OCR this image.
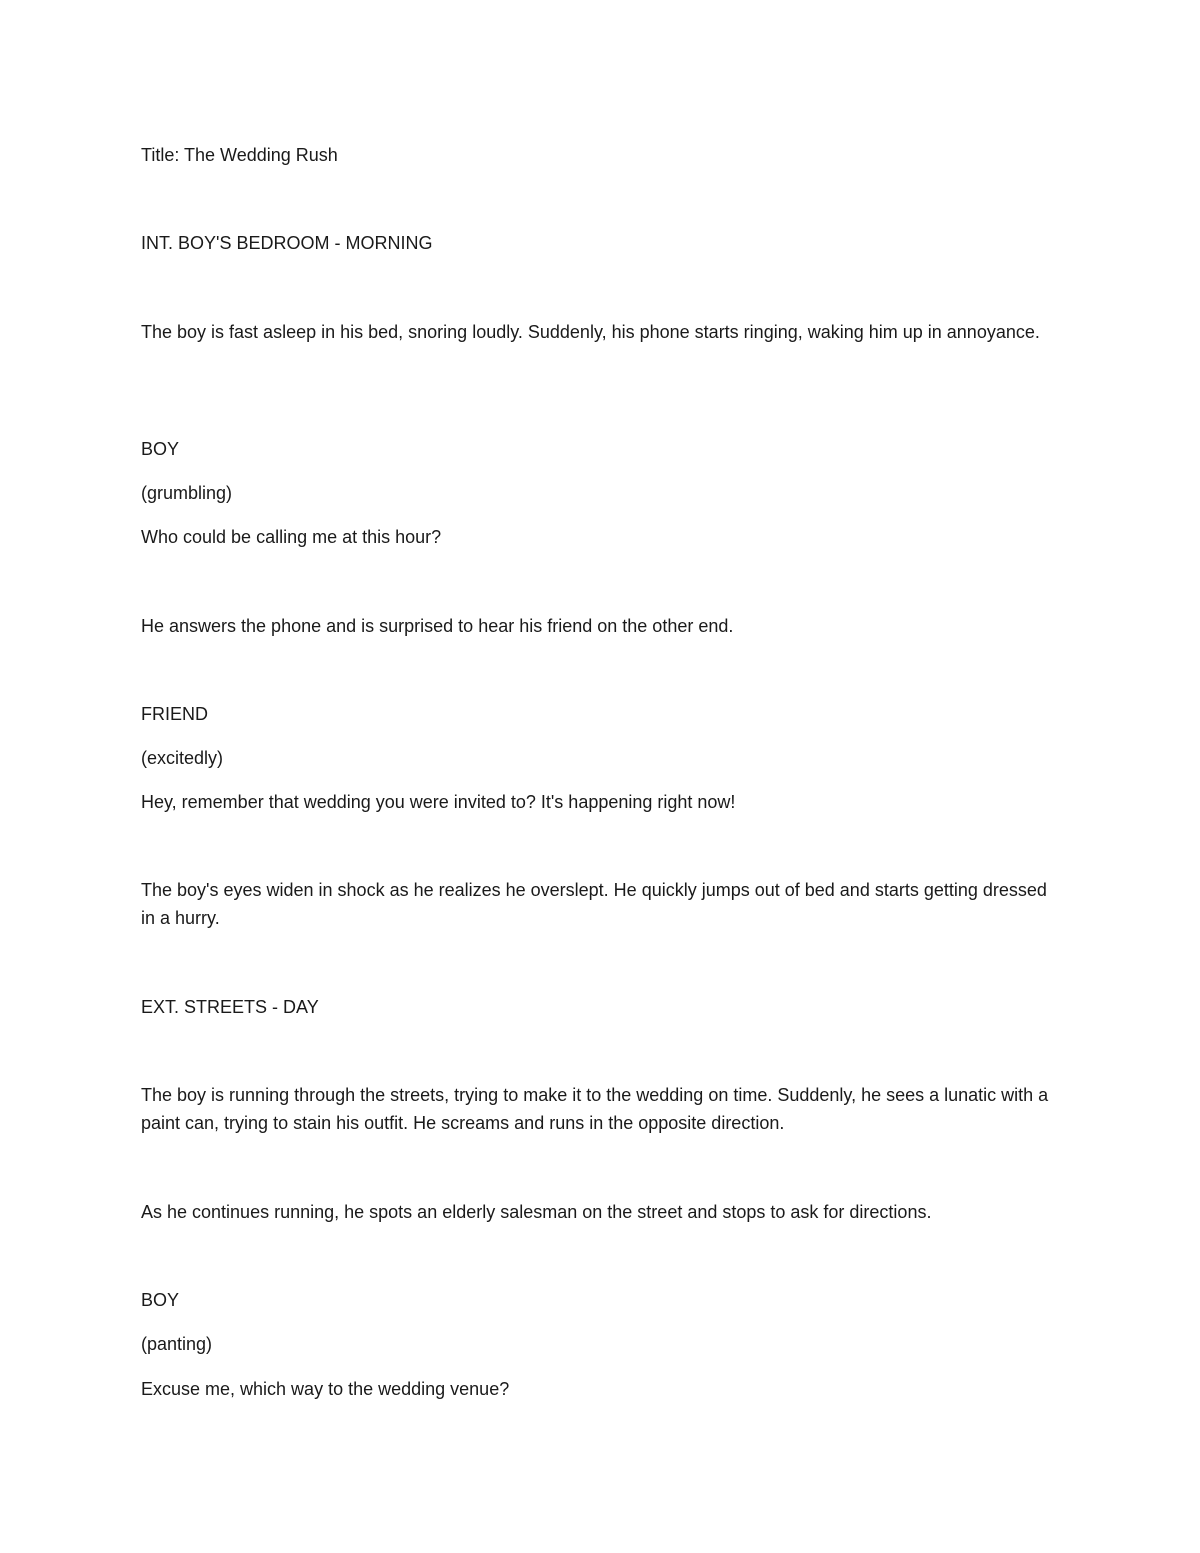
Title: The Wedding Rush

INT. BOY'S BEDROOM - MORNING

The boy is fast asleep in his bed, snoring loudly. Suddenly, his phone starts ringing, waking him up in annoyance.

BOY

(grumbling)

Who could be calling me at this hour?

He answers the phone and is surprised to hear his friend on the other end.

FRIEND

(excitedly)

Hey, remember that wedding you were invited to? It's happening right now!

The boy's eyes widen in shock as he realizes he overslept. He quickly jumps out of bed and starts getting dressed in a hurry.

EXT. STREETS - DAY

The boy is running through the streets, trying to make it to the wedding on time. Suddenly, he sees a lunatic with a paint can, trying to stain his outfit. He screams and runs in the opposite direction.

As he continues running, he spots an elderly salesman on the street and stops to ask for directions.

BOY

(panting)

Excuse me, which way to the wedding venue?
